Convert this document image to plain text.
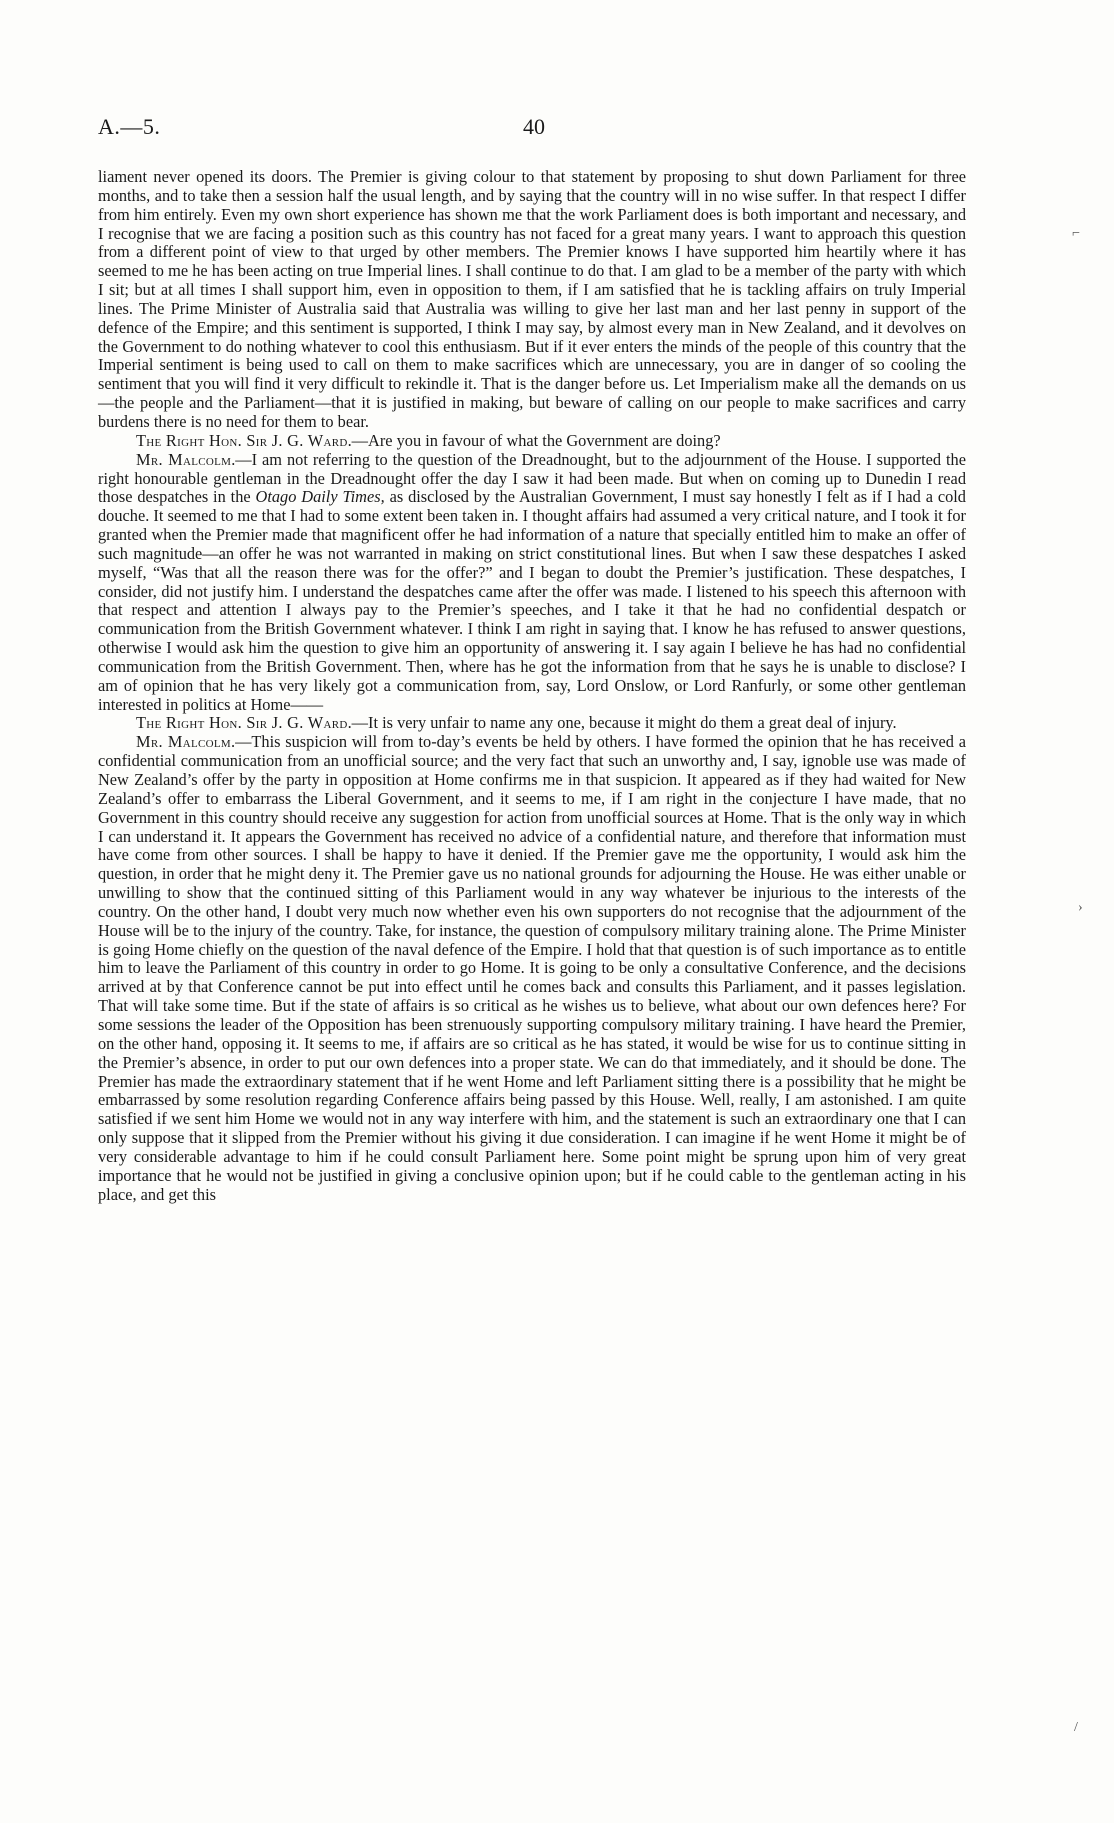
A.—5.	40

liament never opened its doors. The Premier is giving colour to that statement by proposing to shut down Parliament for three months, and to take then a session half the usual length, and by saying that the country will in no wise suffer. In that respect I differ from him entirely. Even my own short experience has shown me that the work Parliament does is both important and necessary, and I recognise that we are facing a position such as this country has not faced for a great many years. I want to approach this question from a different point of view to that urged by other members. The Premier knows I have supported him heartily where it has seemed to me he has been acting on true Imperial lines. I shall continue to do that. I am glad to be a member of the party with which I sit; but at all times I shall support him, even in opposition to them, if I am satisfied that he is tackling affairs on truly Imperial lines. The Prime Minister of Australia said that Australia was willing to give her last man and her last penny in support of the defence of the Empire; and this sentiment is supported, I think I may say, by almost every man in New Zealand, and it devolves on the Government to do nothing whatever to cool this enthusiasm. But if it ever enters the minds of the people of this country that the Imperial sentiment is being used to call on them to make sacrifices which are unnecessary, you are in danger of so cooling the sentiment that you will find it very difficult to rekindle it. That is the danger before us. Let Imperialism make all the demands on us—the people and the Parliament—that it is justified in making, but beware of calling on our people to make sacrifices and carry burdens there is no need for them to bear.

The Right Hon. Sir J. G. Ward.—Are you in favour of what the Government are doing?

Mr. Malcolm.—I am not referring to the question of the Dreadnought, but to the adjournment of the House. I supported the right honourable gentleman in the Dreadnought offer the day I saw it had been made. But when on coming up to Dunedin I read those despatches in the Otago Daily Times, as disclosed by the Australian Government, I must say honestly I felt as if I had a cold douche. It seemed to me that I had to some extent been taken in. I thought affairs had assumed a very critical nature, and I took it for granted when the Premier made that magnificent offer he had information of a nature that specially entitled him to make an offer of such magnitude—an offer he was not warranted in making on strict constitutional lines. But when I saw these despatches I asked myself, “Was that all the reason there was for the offer?” and I began to doubt the Premier’s justification. These despatches, I consider, did not justify him. I understand the despatches came after the offer was made. I listened to his speech this afternoon with that respect and attention I always pay to the Premier’s speeches, and I take it that he had no confidential despatch or communication from the British Government whatever. I think I am right in saying that. I know he has refused to answer questions, otherwise I would ask him the question to give him an opportunity of answering it. I say again I believe he has had no confidential communication from the British Government. Then, where has he got the information from that he says he is unable to disclose? I am of opinion that he has very likely got a communication from, say, Lord Onslow, or Lord Ranfurly, or some other gentleman interested in politics at Home——

The Right Hon. Sir J. G. Ward.—It is very unfair to name any one, because it might do them a great deal of injury.

Mr. Malcolm.—This suspicion will from to-day’s events be held by others. I have formed the opinion that he has received a confidential communication from an unofficial source; and the very fact that such an unworthy and, I say, ignoble use was made of New Zealand’s offer by the party in opposition at Home confirms me in that suspicion. It appeared as if they had waited for New Zealand’s offer to embarrass the Liberal Government, and it seems to me, if I am right in the conjecture I have made, that no Government in this country should receive any suggestion for action from unofficial sources at Home. That is the only way in which I can understand it. It appears the Government has received no advice of a confidential nature, and therefore that information must have come from other sources. I shall be happy to have it denied. If the Premier gave me the opportunity, I would ask him the question, in order that he might deny it. The Premier gave us no national grounds for adjourning the House. He was either unable or unwilling to show that the continued sitting of this Parliament would in any way whatever be injurious to the interests of the country. On the other hand, I doubt very much now whether even his own supporters do not recognise that the adjournment of the House will be to the injury of the country. Take, for instance, the question of compulsory military training alone. The Prime Minister is going Home chiefly on the question of the naval defence of the Empire. I hold that that question is of such importance as to entitle him to leave the Parliament of this country in order to go Home. It is going to be only a consultative Conference, and the decisions arrived at by that Conference cannot be put into effect until he comes back and consults this Parliament, and it passes legislation. That will take some time. But if the state of affairs is so critical as he wishes us to believe, what about our own defences here? For some sessions the leader of the Opposition has been strenuously supporting compulsory military training. I have heard the Premier, on the other hand, opposing it. It seems to me, if affairs are so critical as he has stated, it would be wise for us to continue sitting in the Premier’s absence, in order to put our own defences into a proper state. We can do that immediately, and it should be done. The Premier has made the extraordinary statement that if he went Home and left Parliament sitting there is a possibility that he might be embarrassed by some resolution regarding Conference affairs being passed by this House. Well, really, I am astonished. I am quite satisfied if we sent him Home we would not in any way interfere with him, and the statement is such an extraordinary one that I can only suppose that it slipped from the Premier without his giving it due consideration. I can imagine if he went Home it might be of very considerable advantage to him if he could consult Parliament here. Some point might be sprung upon him of very great importance that he would not be justified in giving a conclusive opinion upon; but if he could cable to the gentleman acting in his place, and get this

⌐
›
/
